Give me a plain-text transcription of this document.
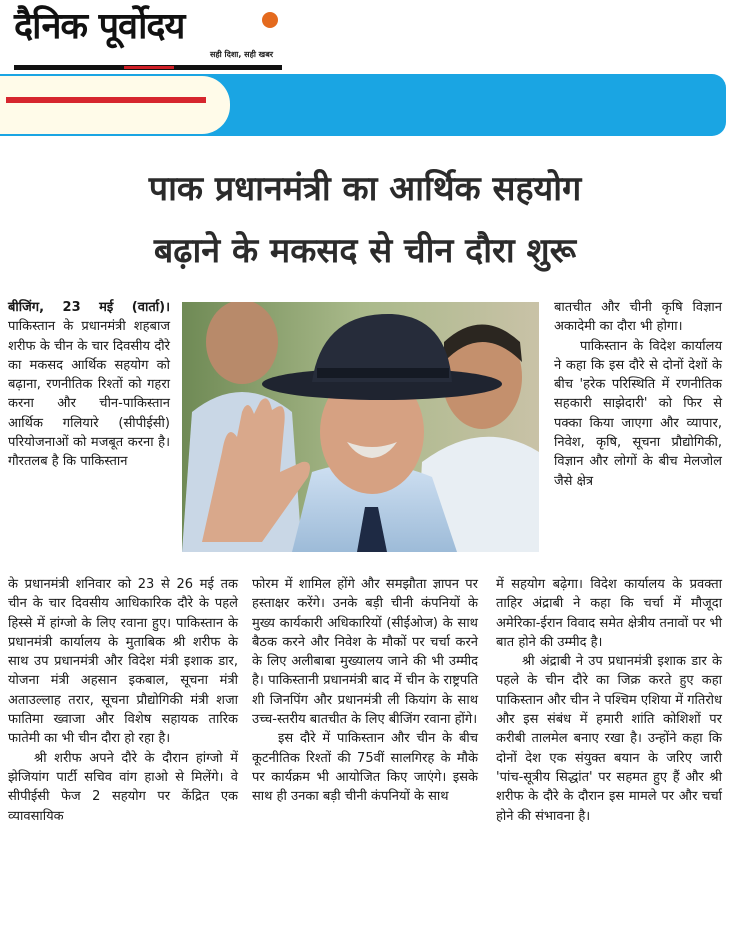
दैनिक पूर्वोदय
सही दिशा, सही खबर
पाक प्रधानमंत्री का आर्थिक सहयोग
बढ़ाने के मकसद से चीन दौरा शुरू

बीजिंग, 23 मई (वार्ता)। पाकिस्तान के प्रधानमंत्री शहबाज शरीफ के चीन के चार दिवसीय दौरे का मकसद आर्थिक सहयोग को बढ़ाना, रणनीतिक रिश्तों को गहरा करना और चीन-पाकिस्तान आर्थिक गलियारे (सीपीईसी) परियोजनाओं को मजबूत करना है। गौरतलब है कि पाकिस्तान

के प्रधानमंत्री शनिवार को 23 से 26 मई तक चीन के चार दिवसीय आधिकारिक दौरे के पहले हिस्से में हांग्जो के लिए रवाना हुए। पाकिस्तान के प्रधानमंत्री कार्यालय के मुताबिक श्री शरीफ के साथ उप प्रधानमंत्री और विदेश मंत्री इशाक डार, योजना मंत्री अहसान इकबाल, सूचना मंत्री अताउल्लाह तरार, सूचना प्रौद्योगिकी मंत्री शजा फातिमा ख्वाजा और विशेष सहायक तारिक फातेमी का भी चीन दौरा हो रहा है।

श्री शरीफ अपने दौरे के दौरान हांग्जो में झेजियांग पार्टी सचिव वांग हाओ से मिलेंगे। वे सीपीईसी फेज 2 सहयोग पर केंद्रित एक व्यावसायिक

फोरम में शामिल होंगे और समझौता ज्ञापन पर हस्ताक्षर करेंगे। उनके बड़ी चीनी कंपनियों के मुख्य कार्यकारी अधिकारियों (सीईओज) के साथ बैठक करने और निवेश के मौकों पर चर्चा करने के लिए अलीबाबा मुख्यालय जाने की भी उम्मीद है। पाकिस्तानी प्रधानमंत्री बाद में चीन के राष्ट्रपति शी जिनपिंग और प्रधानमंत्री ली कियांग के साथ उच्च-स्तरीय बातचीत के लिए बीजिंग रवाना होंगे।

इस दौरे में पाकिस्तान और चीन के बीच कूटनीतिक रिश्तों की 75वीं सालगिरह के मौके पर कार्यक्रम भी आयोजित किए जाएंगे। इसके साथ ही उनका बड़ी चीनी कंपनियों के साथ

बातचीत और चीनी कृषि विज्ञान अकादेमी का दौरा भी होगा।

पाकिस्तान के विदेश कार्यालय ने कहा कि इस दौरे से दोनों देशों के बीच 'हरेक परिस्थिति में रणनीतिक सहकारी साझेदारी' को फिर से पक्का किया जाएगा और व्यापार, निवेश, कृषि, सूचना प्रौद्योगिकी, विज्ञान और लोगों के बीच मेलजोल जैसे क्षेत्र

में सहयोग बढ़ेगा। विदेश कार्यालय के प्रवक्ता ताहिर अंद्राबी ने कहा कि चर्चा में मौजूदा अमेरिका-ईरान विवाद समेत क्षेत्रीय तनावों पर भी बात होने की उम्मीद है।

श्री अंद्राबी ने उप प्रधानमंत्री इशाक डार के पहले के चीन दौरे का जिक्र करते हुए कहा पाकिस्तान और चीन ने पश्चिम एशिया में गतिरोध और इस संबंध में हमारी शांति कोशिशों पर करीबी तालमेल बनाए रखा है। उन्होंने कहा कि दोनों देश एक संयुक्त बयान के जरिए जारी 'पांच-सूत्रीय सिद्धांत' पर सहमत हुए हैं और श्री शरीफ के दौरे के दौरान इस मामले पर और चर्चा होने की संभावना है।
